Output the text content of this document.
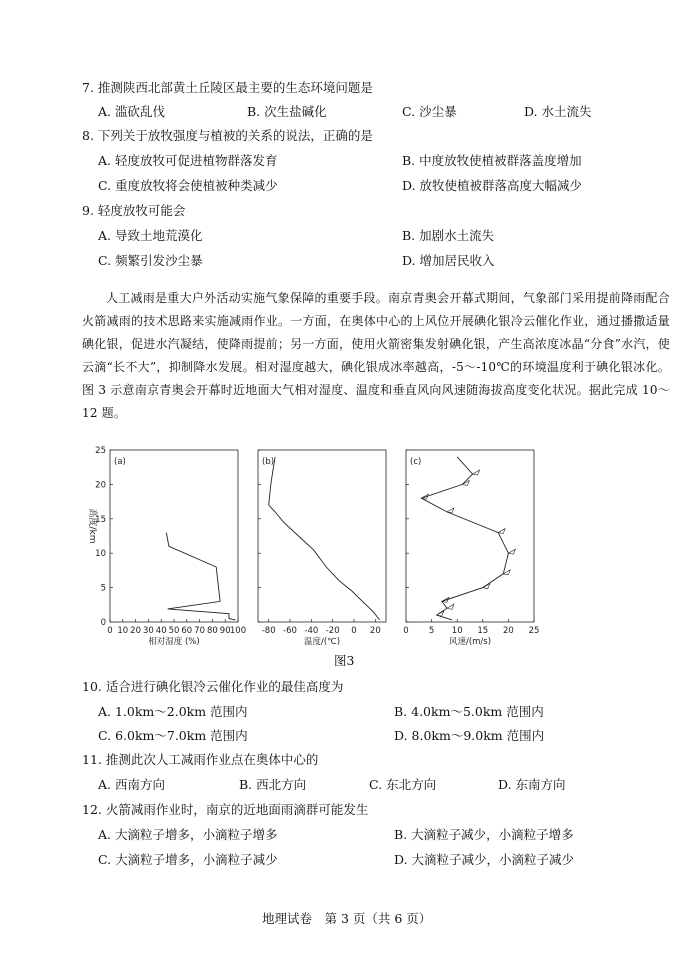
7. 推测陕西北部黄土丘陵区最主要的生态环境问题是
A. 滥砍乱伐	B. 次生盐碱化	C. 沙尘暴	D. 水土流失
8. 下列关于放牧强度与植被的关系的说法，正确的是
A. 轻度放牧可促进植物群落发育	B. 中度放牧使植被群落盖度增加
C. 重度放牧将会使植被种类减少	D. 放牧使植被群落高度大幅减少
9. 轻度放牧可能会
A. 导致土地荒漠化	B. 加剧水土流失
C. 频繁引发沙尘暴	D. 增加居民收入
人工减雨是重大户外活动实施气象保障的重要手段。南京青奥会开幕式期间，气象部门采用提前降雨配合火箭减雨的技术思路来实施减雨作业。一方面，在奥体中心的上风位开展碘化银冷云催化作业，通过播撒适量碘化银，促进水汽凝结，使降雨提前；另一方面，使用火箭密集发射碘化银，产生高浓度冰晶“分食”水汽，使云滴“长不大”，抑制降水发展。相对湿度越大，碘化银成冰率越高，-5～-10℃的环境温度利于碘化银冰化。图 3 示意南京青奥会开幕时近地面大气相对湿度、温度和垂直风向风速随海拔高度变化状况。据此完成 10～12 题。
0 10 20 30 40 50 60 70 80 90 100
0
5
10
15
20
25
高度/km
相对湿度 (%)
(a)
-80 -60 -40 -20 0 20
温度/(℃)
(b)
0 5 10 15 20 25
风速/(m/s)
(c)
图3
10. 适合进行碘化银冷云催化作业的最佳高度为
A. 1.0km～2.0km 范围内	B. 4.0km～5.0km 范围内
C. 6.0km～7.0km 范围内	D. 8.0km～9.0km 范围内
11. 推测此次人工减雨作业点在奥体中心的
A. 西南方向	B. 西北方向	C. 东北方向	D. 东南方向
12. 火箭减雨作业时，南京的近地面雨滴群可能发生
A. 大滴粒子增多，小滴粒子增多	B. 大滴粒子减少，小滴粒子增多
C. 大滴粒子增多，小滴粒子减少	D. 大滴粒子减少，小滴粒子减少
地理试卷　第 3 页（共 6 页）
